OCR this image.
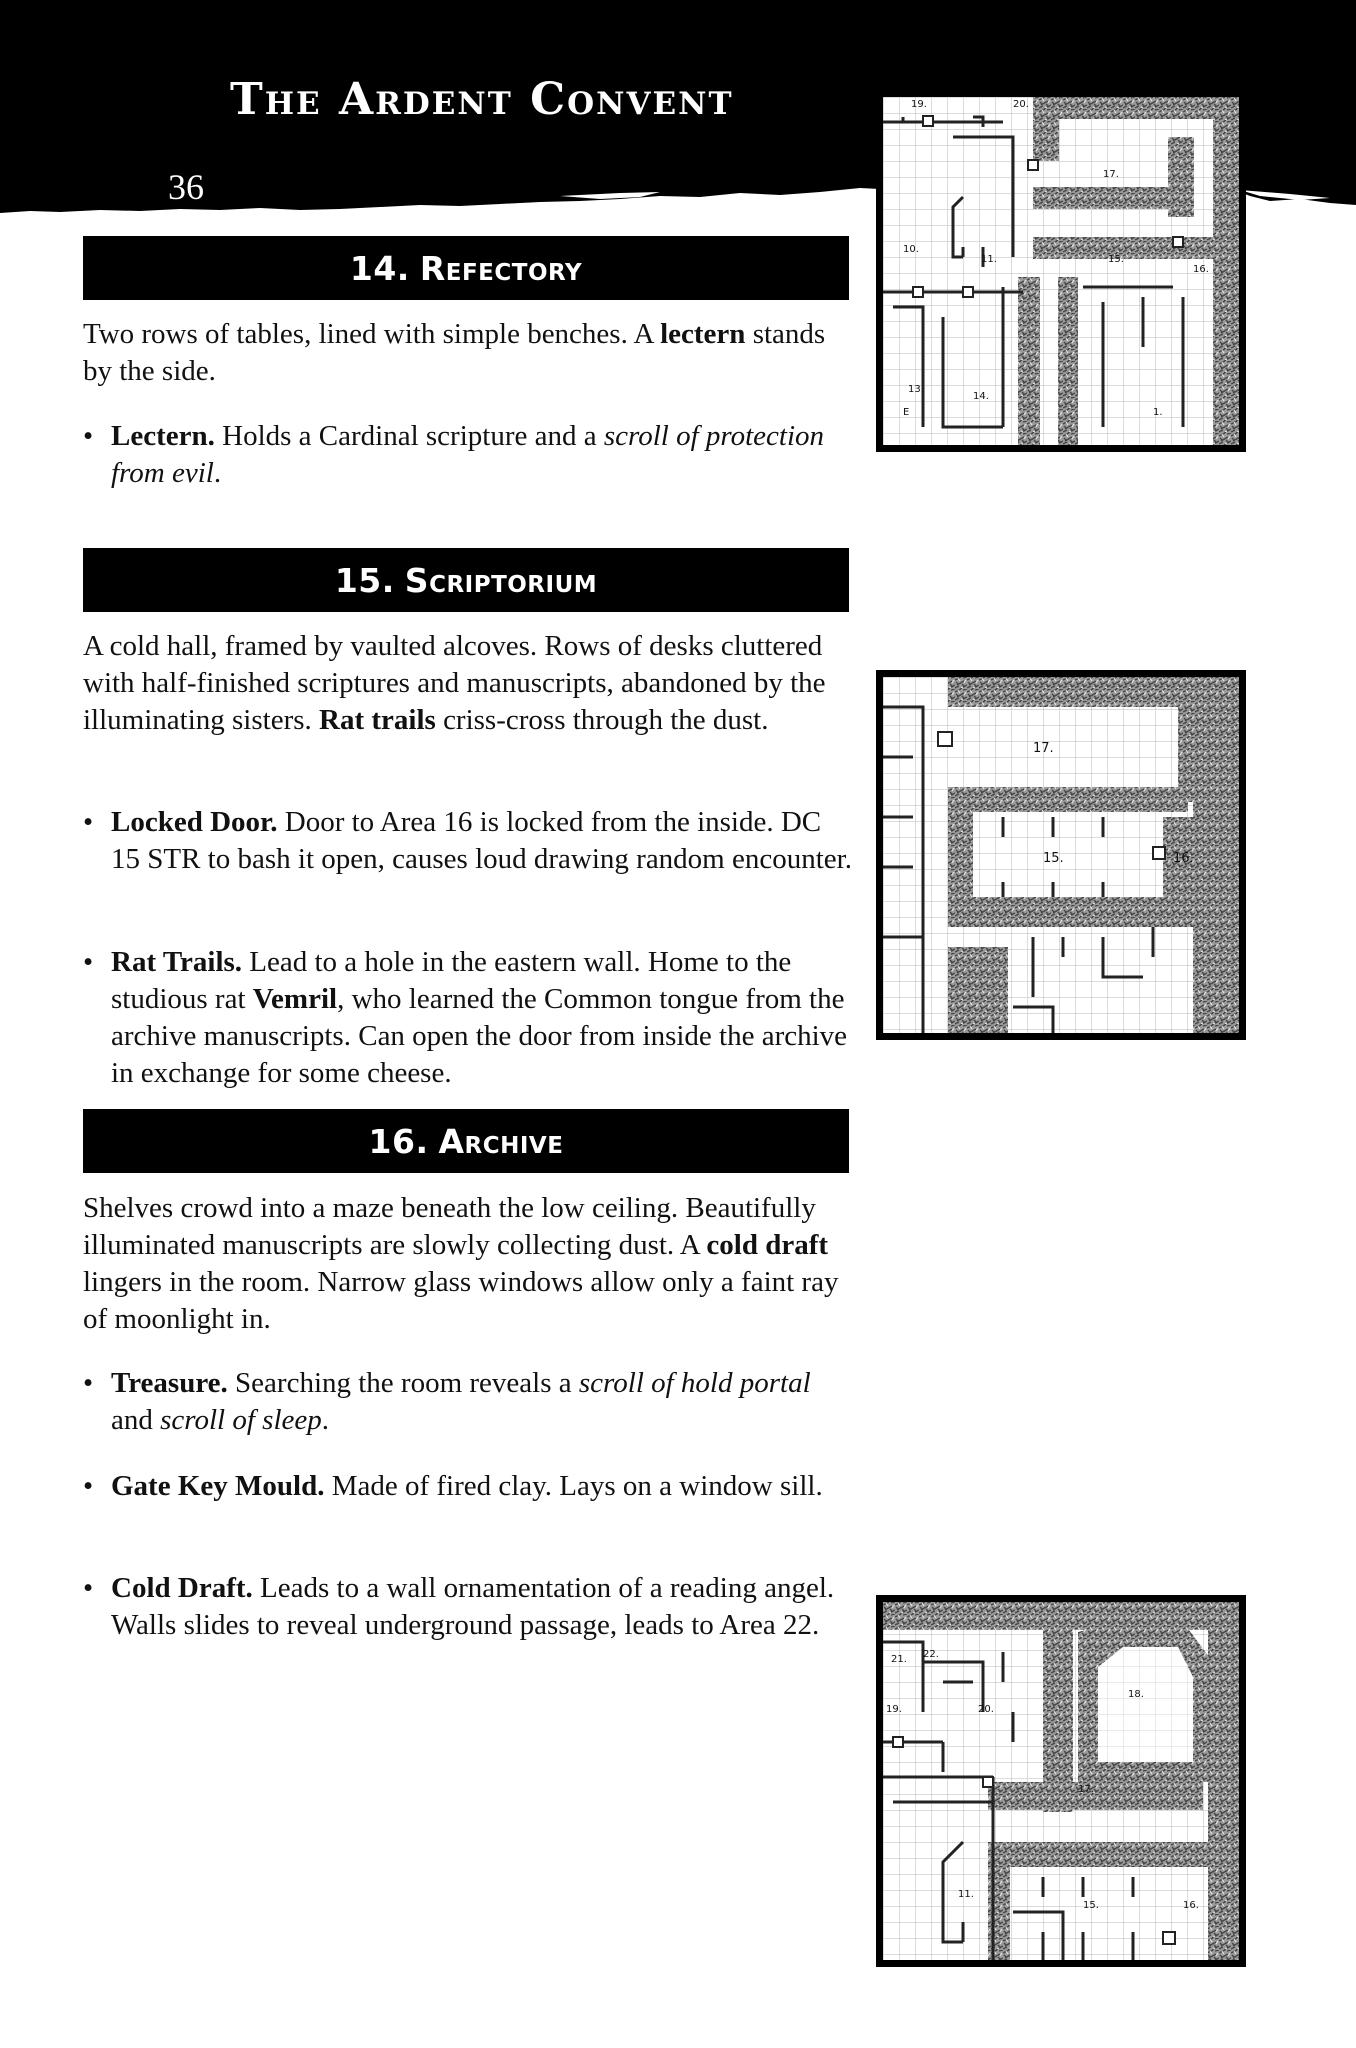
The Ardent Convent
36
14. Refectory

Two rows of tables, lined with simple benches. A lectern stands by the side.

• Lectern. Holds a Cardinal scripture and a scroll of protection from evil.
15. Scriptorium

A cold hall, framed by vaulted alcoves. Rows of desks cluttered with half-finished scriptures and manuscripts, abandoned by the illuminating sisters. Rat trails criss-cross through the dust.

• Locked Door. Door to Area 16 is locked from the inside. DC 15 STR to bash it open, causes loud drawing random encounter.
• Rat Trails. Lead to a hole in the eastern wall. Home to the studious rat Vemril, who learned the Common tongue from the archive manuscripts. Can open the door from inside the archive in exchange for some cheese.
16. Archive

Shelves crowd into a maze beneath the low ceiling. Beautifully illuminated manuscripts are slowly collecting dust. A cold draft lingers in the room. Narrow glass windows allow only a faint ray of moonlight in.

• Treasure. Searching the room reveals a scroll of hold portal and scroll of sleep.
• Gate Key Mould. Made of fired clay. Lays on a window sill.
• Cold Draft. Leads to a wall ornamentation of a reading angel. Walls slides to reveal underground passage, leads to Area 22.
19.	20.
17.
10.
11.	15.
16.
13.
14.
E	1.
17.
15.	16.
21. 22.
19.	20.
18.
17.
11.
15.	16.
